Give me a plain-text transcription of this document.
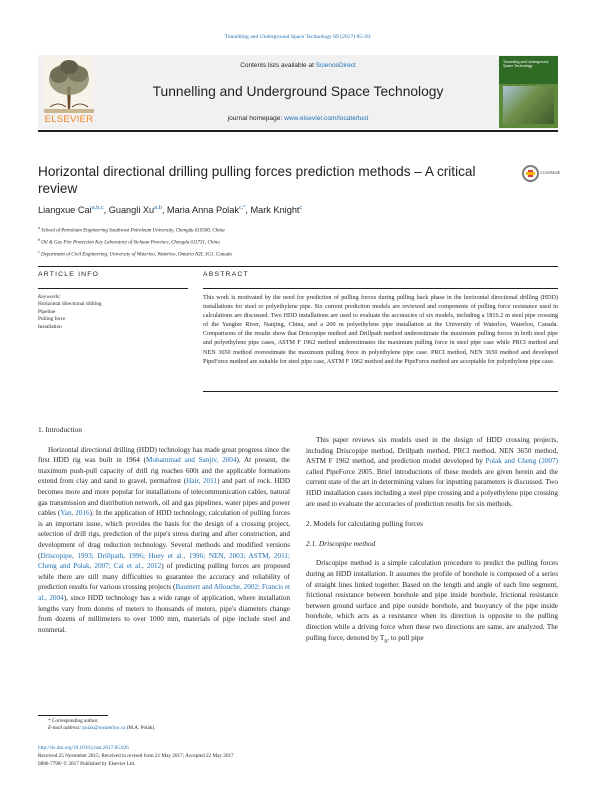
Tunnelling and Underground Space Technology 69 (2017) 85–93
ELSEVIER
Contents lists available at ScienceDirect
Tunnelling and Underground Space Technology
journal homepage: www.elsevier.com/locate/tust
Tunnelling and Underground Space Technology
Horizontal directional drilling pulling forces prediction methods – A critical review
CrossMark
Liangxue Cai$^{a,b,c}$, Guangli Xu$^{a,b}$, Maria Anna Polak$^{c,*}$, Mark Knight$^c$
$^a$ School of Petroleum Engineering Southwest Petroleum University, Chengdu 610500, China
$^b$ Oil & Gas Fire Protection Key Laboratory of Sichuan Province, Chengdu 611731, China
$^c$ Department of Civil Engineering, University of Waterloo, Waterloo, Ontario N2L 3G1, Canada
ARTICLE INFO	ABSTRACT
Keywords:
Horizontal directional drilling
Pipeline
Pulling force
Installation
This work is motivated by the need for prediction of pulling forces during pulling back phase in the horizontal directional drilling (HDD) installations for steel or polyethylene pipe. Six current prediction models are reviewed and components of pulling force resistance used in calculations are discussed. Two HDD installations are used to evaluate the accuracies of six models, including a 1816.2 m steel pipe crossing of the Yangtze River, Nanjing, China, and a 200 m polyethylene pipe installation at the University of Waterloo, Waterloo, Canada. Comparisons of the results show that Driscopipe method and Drillpath method underestimate the maximum pulling forces in both steel pipe and polyethylene pipe cases, ASTM F 1962 method underestimates the maximum pulling force in steel pipe case while PRCI method and NEN 3650 method overestimate the maximum pulling force in polyethylene pipe case. PRCI method, NEN 3650 method and developed PipeForce method are suitable for steel pipe case, ASTM F 1962 method and the PipeForce method are acceptable for polyethylene pipe case.
1. Introduction

Horizontal directional drilling (HDD) technology has made great progress since the first HDD rig was built in 1964 (Mohammad and Sanjiv, 2004). At present, the maximum push-pull capacity of drill rig reaches 600t and the applicable formations extend from clay and sand to gravel, permafrost (Hair, 2011) and part of rock. HDD becomes more and more popular for installations of telecommunication cables, natural gas transmission and distribution network, oil and gas pipelines, water pipes and power cables (Yan, 2016). In the application of HDD technology, calculation of pulling forces is an important issue, which provides the basis for the design of a crossing project, selection of drill rigs, prediction of the pipe's stress during and after construction, and development of drag reduction technology. Several methods and modified versions (Driscopipe, 1993; Drillpath, 1996; Huey et al., 1996; NEN, 2003; ASTM, 2011; Cheng and Polak, 2007; Cai et al., 2012) of predicting pulling forces are proposed while there are still many difficulties to guarantee the accuracy and reliability of prediction results for various crossing projects (Baumert and Allouche, 2002; Francis et al., 2004), since HDD technology has a wide range of application, where installation lengths vary from dozens of meters to thousands of meters, pipe's diameters change from dozens of millimeters to over 1000 mm, materials of pipe include steel and nonmetal.

This paper reviews six models used in the design of HDD crossing projects, including Driscopipe method, Drillpath method, PRCI method, NEN 3650 method, ASTM F 1962 method, and prediction model developed by Polak and Cheng (2007) called PipeForce 2005. Brief introductions of these models are given herein and the current state of the art in determining values for inputting parameters is discussed. Two HDD installation cases including a steel pipe crossing and a polyethylene pipe crossing are used to evaluate the accuracies of prediction results for six methods.

2. Models for calculating pulling forces
2.1. Driscopipe method

Driscopipe method is a simple calculation procedure to predict the pulling forces during an HDD installation. It assumes the profile of borehole is composed of a series of straight lines linked together. Based on the length and angle of each line segment, frictional resistance between borehole and pipe inside borehole, frictional resistance between ground surface and pipe outside borehole, and buoyancy of the pipe inside borehole, which acts as a resistance when its direction is opposite to the pulling direction while a driving force when these two directions are same, are analyzed. The pulling force, denoted by $T_n$, to pull pipe

* Corresponding author.
E-mail address: polak@uwaterloo.ca (M.A. Polak).
http://dx.doi.org/10.1016/j.tust.2017.05.026
Received 25 November 2015; Received in revised form 21 May 2017; Accepted 22 May 2017
0886-7798/ © 2017 Published by Elsevier Ltd.
